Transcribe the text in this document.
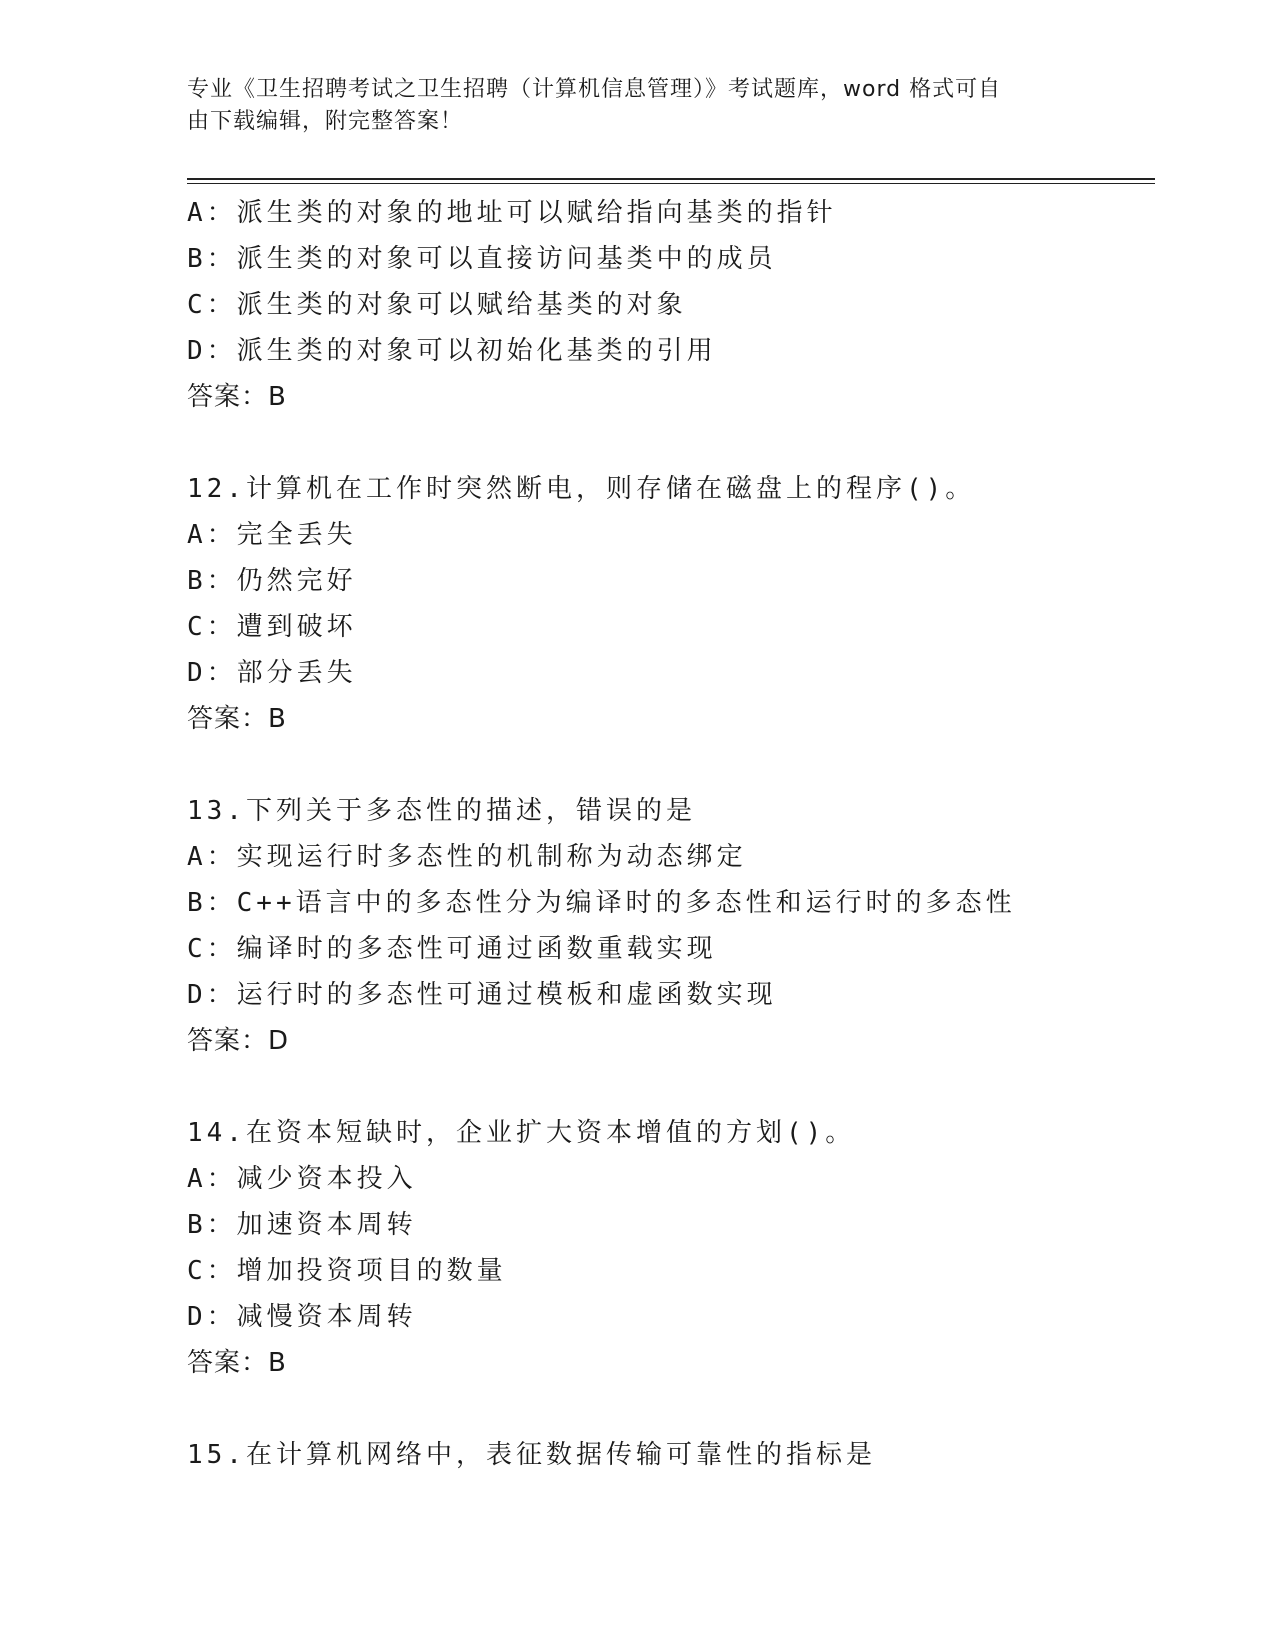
专业《卫生招聘考试之卫生招聘（计算机信息管理）》考试题库，word 格式可自
由下载编辑，附完整答案！
A：派生类的对象的地址可以赋给指向基类的指针
B：派生类的对象可以直接访问基类中的成员
C：派生类的对象可以赋给基类的对象
D：派生类的对象可以初始化基类的引用
答案：B
12.计算机在工作时突然断电，则存储在磁盘上的程序()。
A：完全丢失
B：仍然完好
C：遭到破坏
D：部分丢失
答案：B
13.下列关于多态性的描述，错误的是
A：实现运行时多态性的机制称为动态绑定
B：C++语言中的多态性分为编译时的多态性和运行时的多态性
C：编译时的多态性可通过函数重载实现
D：运行时的多态性可通过模板和虚函数实现
答案：D
14.在资本短缺时，企业扩大资本增值的方划()。
A：减少资本投入
B：加速资本周转
C：增加投资项目的数量
D：减慢资本周转
答案：B
15.在计算机网络中，表征数据传输可靠性的指标是
